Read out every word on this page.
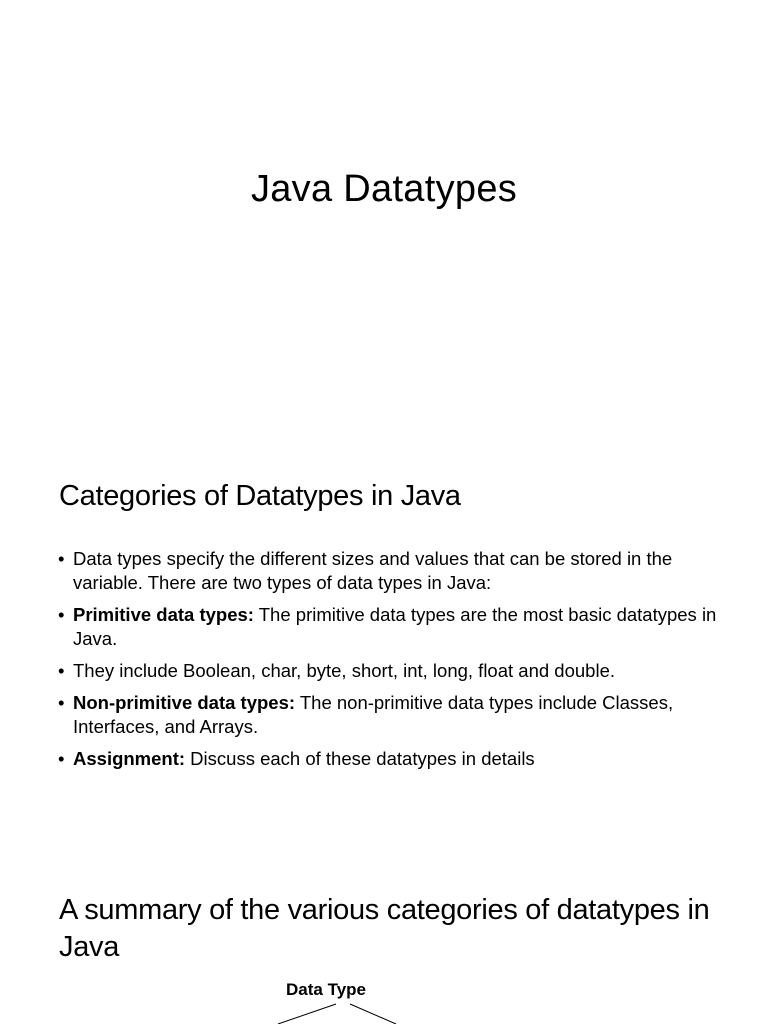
Java Datatypes
Categories of Datatypes in Java
• Data types specify the different sizes and values that can be stored in the variable. There are two types of data types in Java:
• Primitive data types: The primitive data types are the most basic datatypes in Java.
• They include Boolean, char, byte, short, int, long, float and double.
• Non-primitive data types: The non-primitive data types include Classes, Interfaces, and Arrays.
• Assignment: Discuss each of these datatypes in details
A summary of the various categories of datatypes in Java
Data Type
